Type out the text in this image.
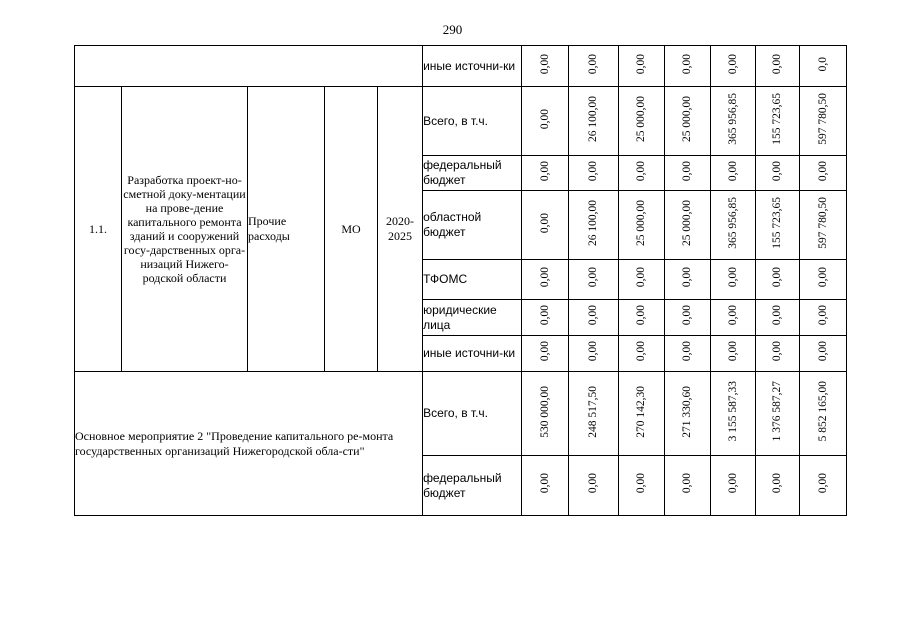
290
					иные источни-ки	0,00	0,00	0,00	0,00	0,00	0,00	0,0
1.1.	Разработка проект-но-сметной доку-ментации на прове-дение капитального ремонта зданий и сооружений госу-дарственных орга-низаций Нижего-родской области	Прочие расходы	МО	2020-2025	Всего, в т.ч.	0,00	26 100,00	25 000,00	25 000,00	365 956,85	155 723,65	597 780,50
					федеральный бюджет	0,00	0,00	0,00	0,00	0,00	0,00	0,00
					областной бюджет	0,00	26 100,00	25 000,00	25 000,00	365 956,85	155 723,65	597 780,50
					ТФОМС	0,00	0,00	0,00	0,00	0,00	0,00	0,00
					юридические лица	0,00	0,00	0,00	0,00	0,00	0,00	0,00
					иные источни-ки	0,00	0,00	0,00	0,00	0,00	0,00	0,00
Основное мероприятие 2 "Проведение капитального ре-монта государственных организаций Нижегородской обла-сти"					Всего, в т.ч.	530 000,00	248 517,50	270 142,30	271 330,60	3 155 587,33	1 376 587,27	5 852 165,00
					федеральный бюджет	0,00	0,00	0,00	0,00	0,00	0,00	0,00
